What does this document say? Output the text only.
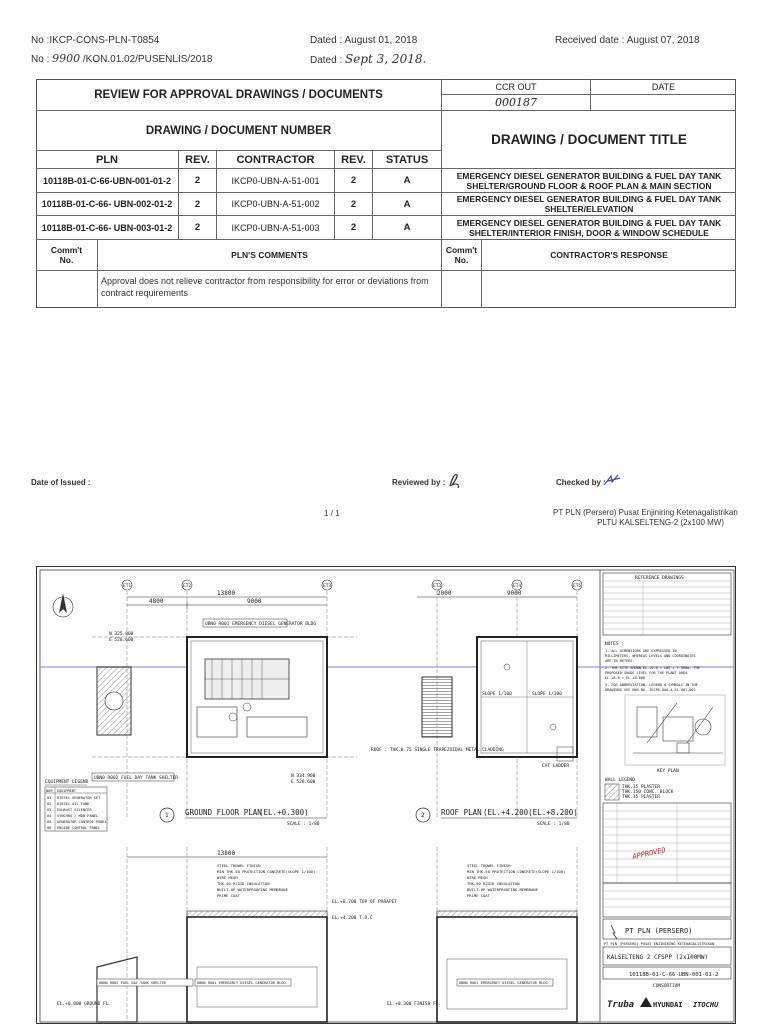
No :IKCP-CONS-PLN-T0854
No : 9900 /KON.01.02/PUSENLIS/2018
Dated : August 01, 2018
Dated : Sept 3, 2018.
Received date : August 07, 2018
REVIEW FOR APPROVAL DRAWINGS / DOCUMENTS
CCR OUT	DATE
000187
DRAWING / DOCUMENT NUMBER
DRAWING / DOCUMENT TITLE
PLN	REV.	CONTRACTOR	REV.	STATUS
10118B-01-C-66-UBN-001-01-2	2	IKCP0-UBN-A-51-001	2	A	EMERGENCY DIESEL GENERATOR BUILDING & FUEL DAY TANK SHELTER/GROUND FLOOR & ROOF PLAN & MAIN SECTION
10118B-01-C-66- UBN-002-01-2	2	IKCP0-UBN-A-51-002	2	A	EMERGENCY DIESEL GENERATOR BUILDING & FUEL DAY TANK SHELTER/ELEVATION
10118B-01-C-66- UBN-003-01-2	2	IKCP0-UBN-A-51-003	2	A	EMERGENCY DIESEL GENERATOR BUILDING & FUEL DAY TANK SHELTER/INTERIOR FINISH, DOOR & WINDOW SCHEDULE
Comm't No.	PLN'S COMMENTS	Comm't No.	CONTRACTOR'S RESPONSE
Approval does not relieve contractor from responsibility for error or deviations from contract requirements
Date of Issued :	Reviewed by :	Checked by :
1 / 1	PT PLN (Persero) Pusat Enjiniring Ketenagalistrikan
PLTU KALSELTENG-2 (2x100 MW)
13800
4800	9000
ET1	ET2	ET3
UBN0 R001 EMERGENCY DIESEL GENERATOR BLDG
UBN0 R002 FUEL DAY TANK SHELTER
N 325.800
E 528.600
N 334.900
E 528.600
1 GROUND FLOOR PLAN
(EL.+0.300)
SCALE : 1/80
EQUIPMENT LEGEND
NUM EQUIPMENT
01 DIESEL GENERATOR SET
02 DIESEL OIL TANK
03 EXHAUST SILENCER
04 SYNCHRO / MDB PANEL
05 GENERATOR CONTROL PANEL
06 ENGINE CONTROL PANEL
2000	9000
ET3	ET4	ET5
SLOPE 1/100	SLOPE 1/100
ROOF : THK.0.75 SINGLE TRAPEZOIDAL METAL CLADDING
CAT LADDER
2 ROOF PLAN (EL.+4.200(EL.+8.200)
SCALE : 1/80
13800
UBN0 R002 FUEL DAY TANK SHELTER	UBN0 R001 EMERGENCY DIESEL GENERATOR BLDG
EL.+8.700 TOP OF PARAPET
EL.+4.200 T.O.C
EL.+0.000 GROUND FL.
STEEL TROWEL FINISH
MIN THK.50 PROTECTION CONCRETE(SLOPE 1/100)
WIRE MESH
THK.50 RIGID INSULATION
BUILT-UP WATERPROOFING MEMBRANE
PRIME COAT
UBN0 R001 EMERGENCY DIESEL GENERATOR BLDG
EL.+0.300 FINISH FL.
STEEL TROWEL FINISH
MIN THK.50 PROTECTION CONCRETE(SLOPE 1/100)
WIRE MESH
THK.50 RIGID INSULATION
BUILT-UP WATERPROOFING MEMBRANE
PRIME COAT
REFERENCE DRAWINGS
NOTES :
1. ALL DIMENSIONS ARE EXPRESSED IN
MILLIMETERS, WHEREAS LEVELS AND COORDINATES
ARE IN METERS.
2. THE SITE SHOWN EL.+0.0 = LWS + 7.500m. THE
PROPOSED GRADE LEVEL FOR THE PLANT AREA
EL.+8.6 = EL.+8.600
3. FOR ABBREVIATION, LEGEND & SYMBOLS IN THE
DRAWINGS SEE DWG NO. IKCP0-UAA-A-51-001,002
KEY PLAN
WALL LEGEND
THK.15 PLASTER
THK.150 CONC. BLOCK
THK.15 PLASTER
APPROVED
PT PLN (PERSERO)
PT PLN (PERSERO) PUSAT ENJINIRING KETENAGALISTRIKAN
KALSELTENG 2 CFSPP (2x100MW)
10118B-01-C-66-UBN-001-01-2
CONSORTIUM
Truba	HYUNDAI ITOCHU
